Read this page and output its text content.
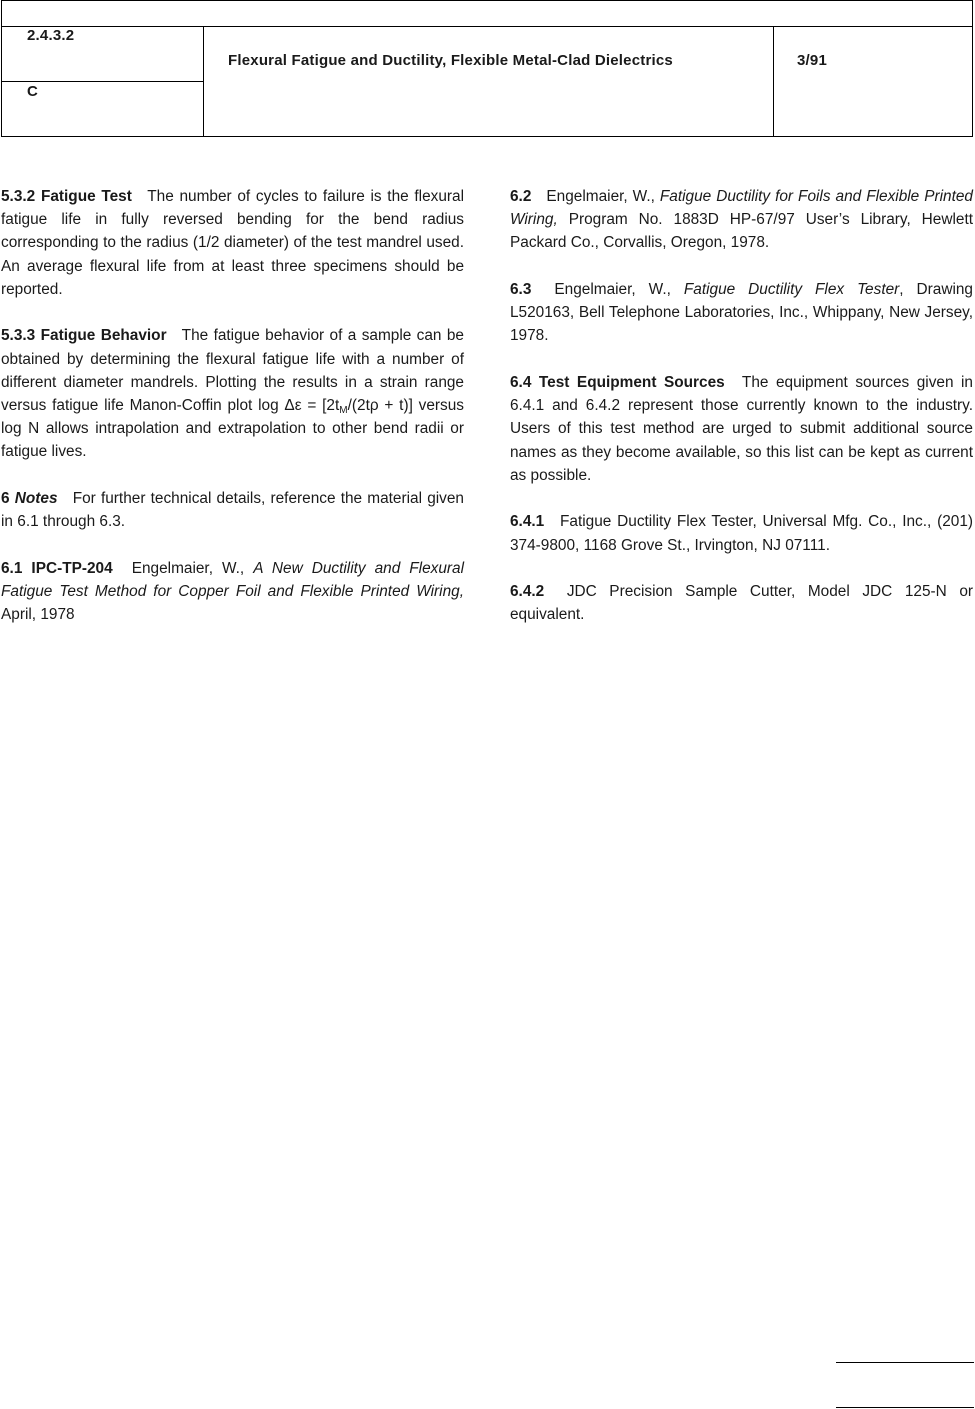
2.4.3.2
C
Flexural Fatigue and Ductility, Flexible Metal-Clad Dielectrics	3/91

5.3.2 Fatigue Test The number of cycles to failure is the flexural fatigue life in fully reversed bending for the bend radius corresponding to the radius (1/2 diameter) of the test mandrel used. An average flexural life from at least three specimens should be reported.

5.3.3 Fatigue Behavior The fatigue behavior of a sample can be obtained by determining the flexural fatigue life with a number of different diameter mandrels. Plotting the results in a strain range versus fatigue life Manon-Coffin plot $\log \Delta\varepsilon = [2t_M/(2t\rho + t)]$ versus log N allows intrapolation and extrapolation to other bend radii or fatigue lives.

6 Notes For further technical details, reference the material given in 6.1 through 6.3.

6.1 IPC-TP-204 Engelmaier, W., A New Ductility and Flexural Fatigue Test Method for Copper Foil and Flexible Printed Wiring, April, 1978

6.2 Engelmaier, W., Fatigue Ductility for Foils and Flexible Printed Wiring, Program No. 1883D HP-67/97 User’s Library, Hewlett Packard Co., Corvallis, Oregon, 1978.

6.3 Engelmaier, W., Fatigue Ductility Flex Tester, Drawing L520163, Bell Telephone Laboratories, Inc., Whippany, New Jersey, 1978.

6.4 Test Equipment Sources The equipment sources given in 6.4.1 and 6.4.2 represent those currently known to the industry. Users of this test method are urged to submit additional source names as they become available, so this list can be kept as current as possible.

6.4.1 Fatigue Ductility Flex Tester, Universal Mfg. Co., Inc., (201) 374-9800, 1168 Grove St., Irvington, NJ 07111.

6.4.2 JDC Precision Sample Cutter, Model JDC 125-N or equivalent.
